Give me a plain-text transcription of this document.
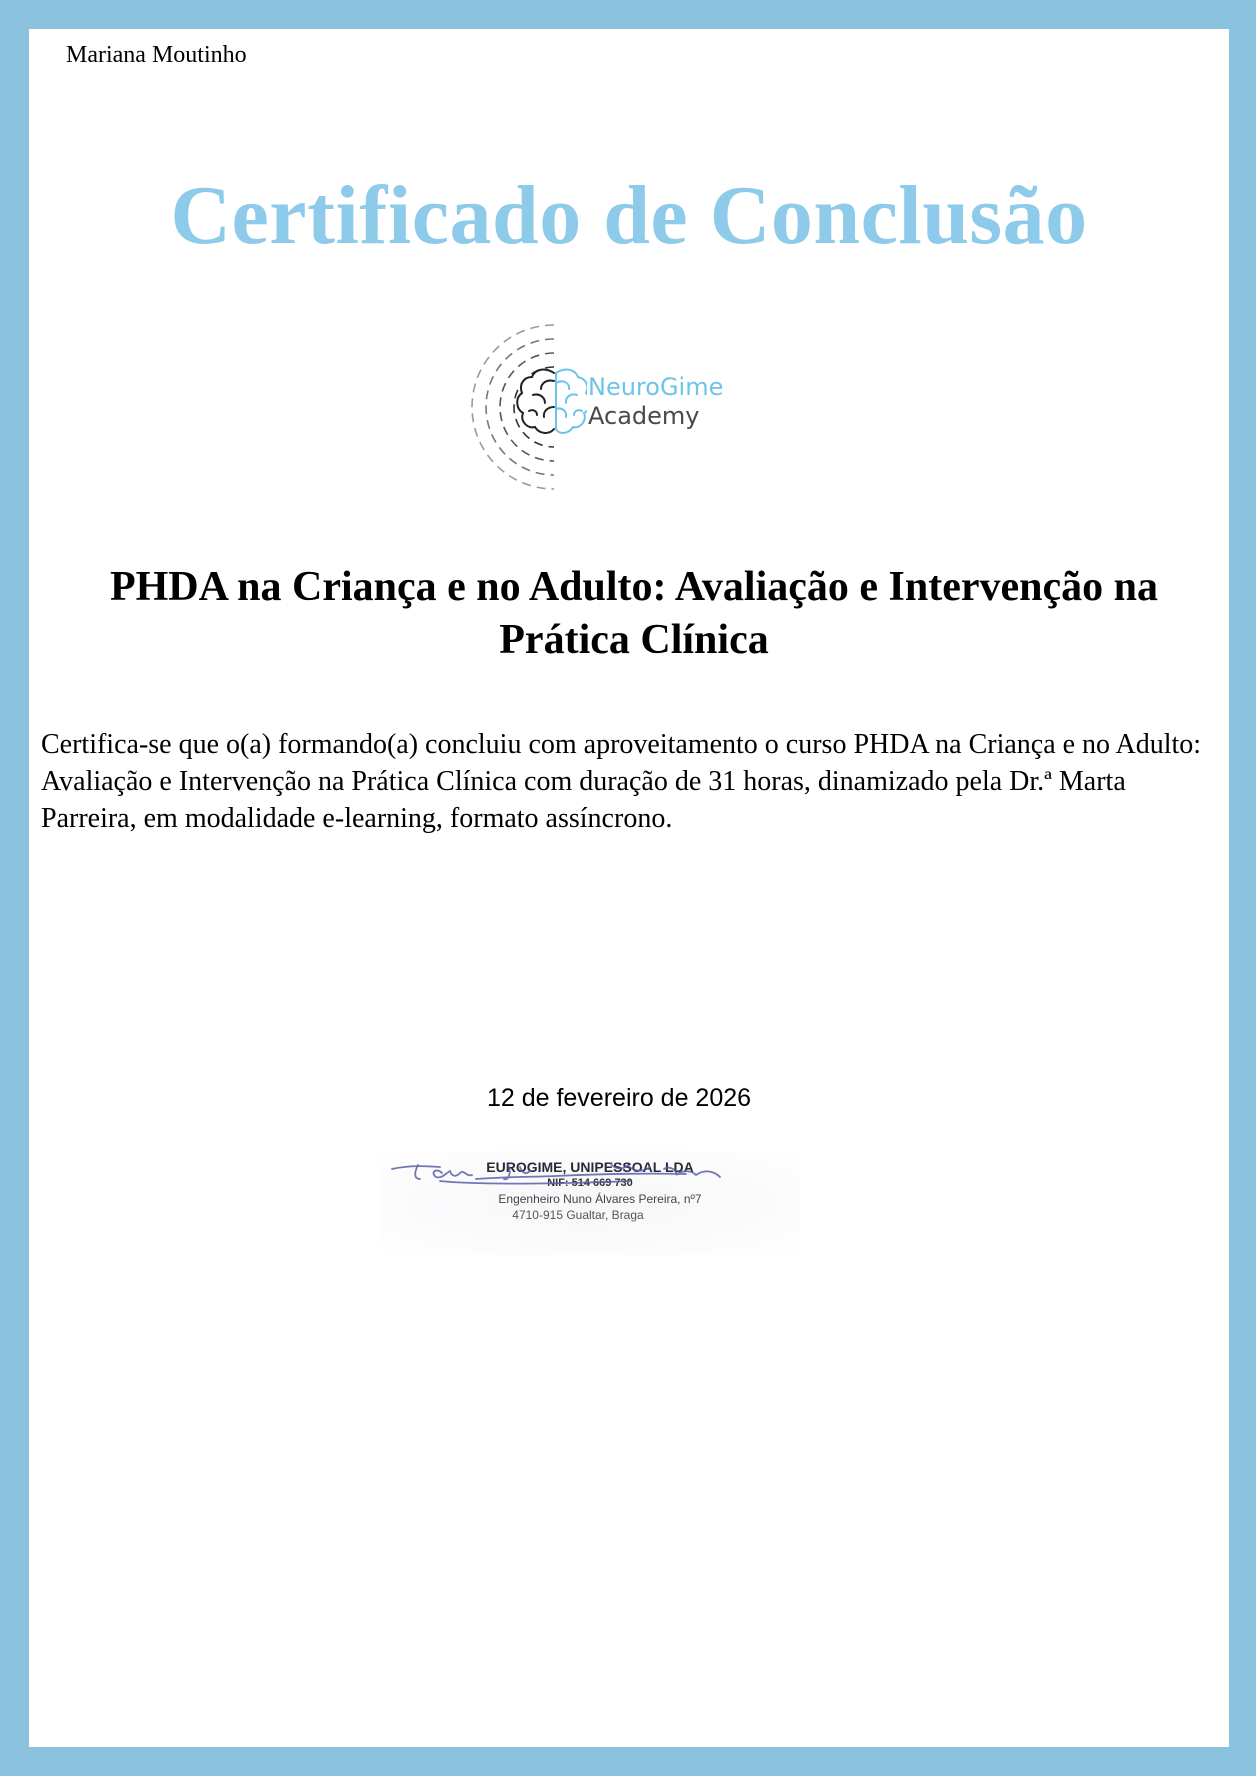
Mariana Moutinho
Certificado de Conclusão
NeuroGime
Academy
PHDA na Criança e no Adulto: Avaliação e Intervenção na Prática Clínica
Certifica-se que o(a) formando(a) concluiu com aproveitamento o curso PHDA na Criança e no Adulto: Avaliação e Intervenção na Prática Clínica com duração de 31 horas, dinamizado pela Dr.ª Marta Parreira, em modalidade e-learning, formato assíncrono.
12 de fevereiro de 2026
EUROGIME, UNIPESSOAL LDA
NIF: 514 669 730
Engenheiro Nuno Álvares Pereira, nº7
4710-915 Gualtar, Braga
